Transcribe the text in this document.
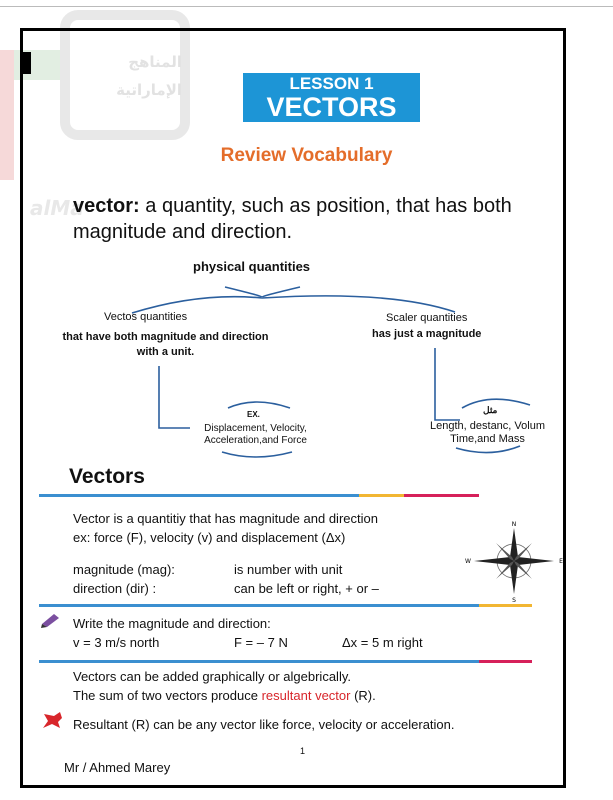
المناهج
الإماراتية
alMa
LESSON 1
VECTORS
Review Vocabulary
vector: a quantity, such as position, that has both magnitude and direction.
physical quantities
Vectos quantities
that have both magnitude and direction with a unit.
Scaler quantities
has just a magnitude
EX.
Displacement, Velocity, Acceleration,and Force
مثل
Length, destanc, Volum Time,and Mass
Vectors
Vector is a quantitiy that has magnitude and direction
ex: force (F), velocity (v) and displacement (Δx)
magnitude (mag):	is number with unit
direction (dir) :	can be left or right, + or –
N
S
E
W
Write the magnitude and direction:
v = 3 m/s north	F = – 7 N	Δx = 5 m right
Vectors can be added graphically or algebrically.
The sum of two vectors produce resultant vector (R).
Resultant (R) can be any vector like force, velocity or acceleration.
1
Mr / Ahmed Marey
